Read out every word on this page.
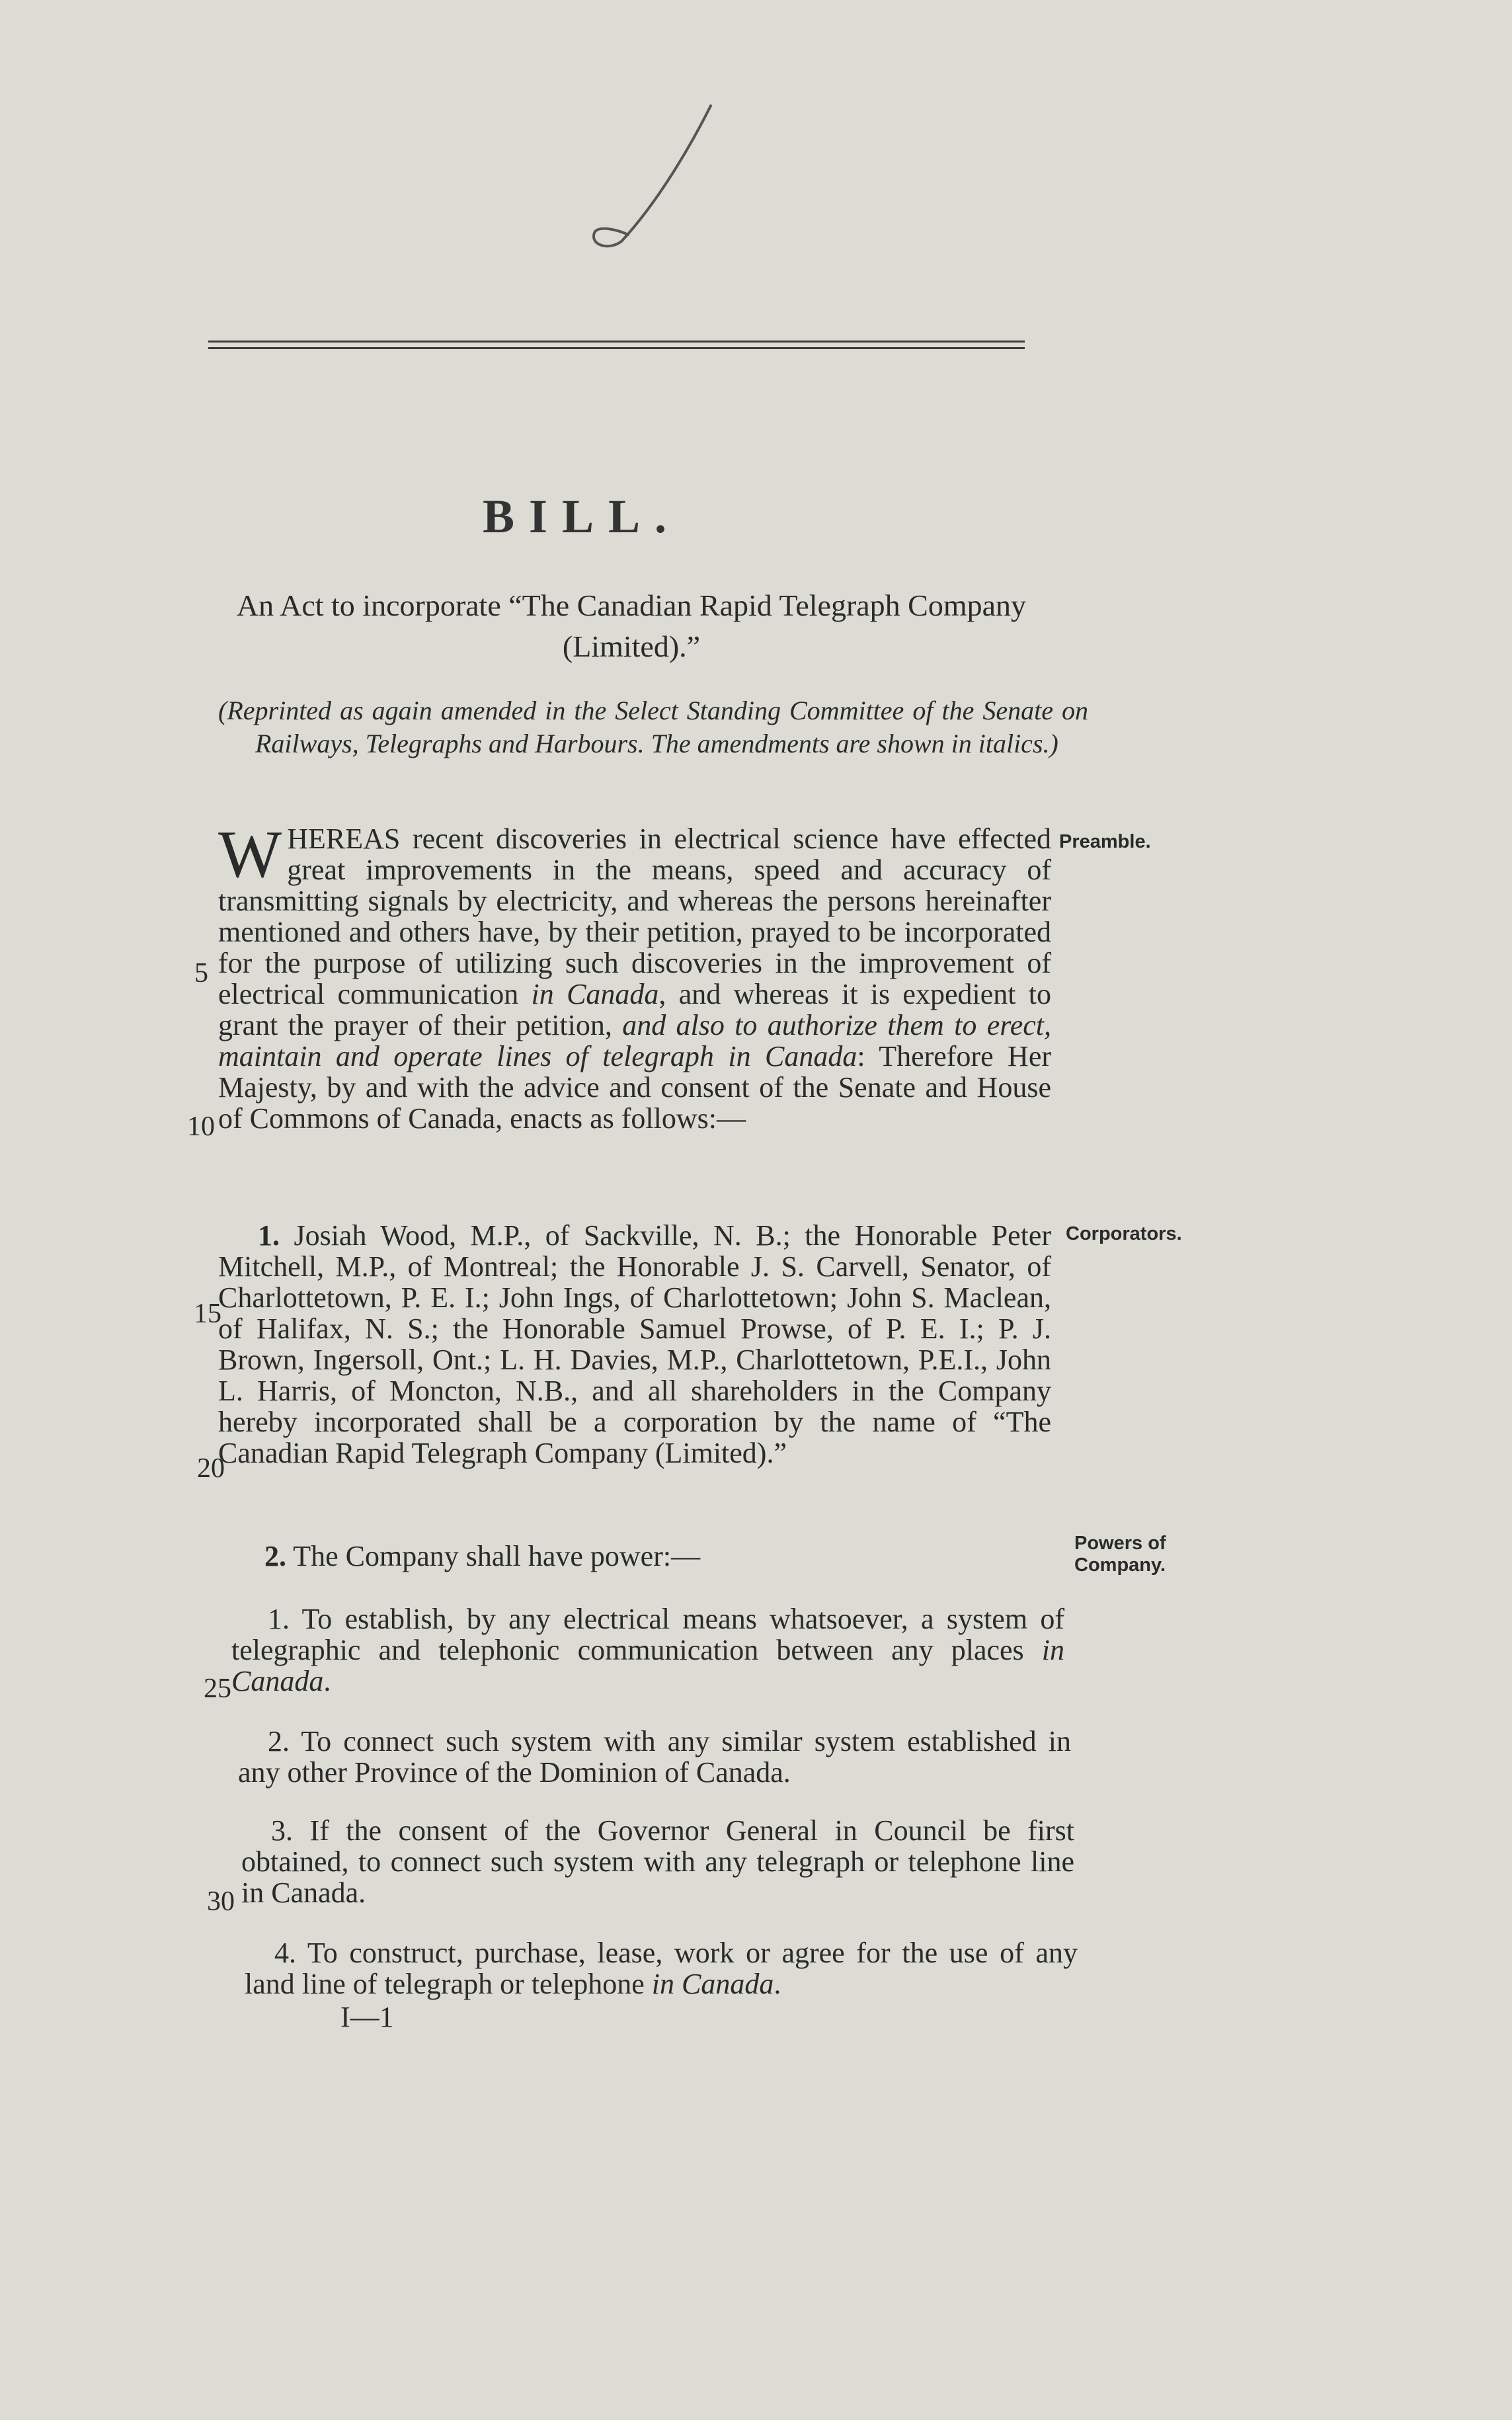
BILL.
An Act to incorporate “The Canadian Rapid Telegraph Company (Limited).”
(Reprinted as again amended in the Select Standing Committee of the Senate on Railways, Telegraphs and Harbours. The amendments are shown in italics.)

WHEREAS recent discoveries in electrical science have effected great improvements in the means, speed and accuracy of transmitting signals by electricity, and whereas the persons hereinafter mentioned and others have, by their petition, prayed to be incorporated for the purpose of utilizing such discoveries in the improvement of electrical communication in Canada, and whereas it is expedient to grant the prayer of their petition, and also to authorize them to erect, maintain and operate lines of telegraph in Canada: Therefore Her Majesty, by and with the advice and consent of the Senate and House of Commons of Canada, enacts as follows:—

1. Josiah Wood, M.P., of Sackville, N. B.; the Honorable Peter Mitchell, M.P., of Montreal; the Honorable J. S. Carvell, Senator, of Charlottetown, P. E. I.; John Ings, of Charlottetown; John S. Maclean, of Halifax, N. S.; the Honorable Samuel Prowse, of P. E. I.; P. J. Brown, Ingersoll, Ont.; L. H. Davies, M.P., Charlottetown, P.E.I., John L. Harris, of Moncton, N.B., and all shareholders in the Company hereby incorporated shall be a corporation by the name of “The Canadian Rapid Telegraph Company (Limited).”

2. The Company shall have power:—

1. To establish, by any electrical means whatsoever, a system of telegraphic and telephonic communication between any places in Canada.

2. To connect such system with any similar system established in any other Province of the Dominion of Canada.

3. If the consent of the Governor General in Council be first obtained, to connect such system with any telegraph or telephone line in Canada.

4. To construct, purchase, lease, work or agree for the use of any land line of telegraph or telephone in Canada.

Preamble.
Corporators.
Powers of
Company.
5
10
15
20
25
30
I—1
